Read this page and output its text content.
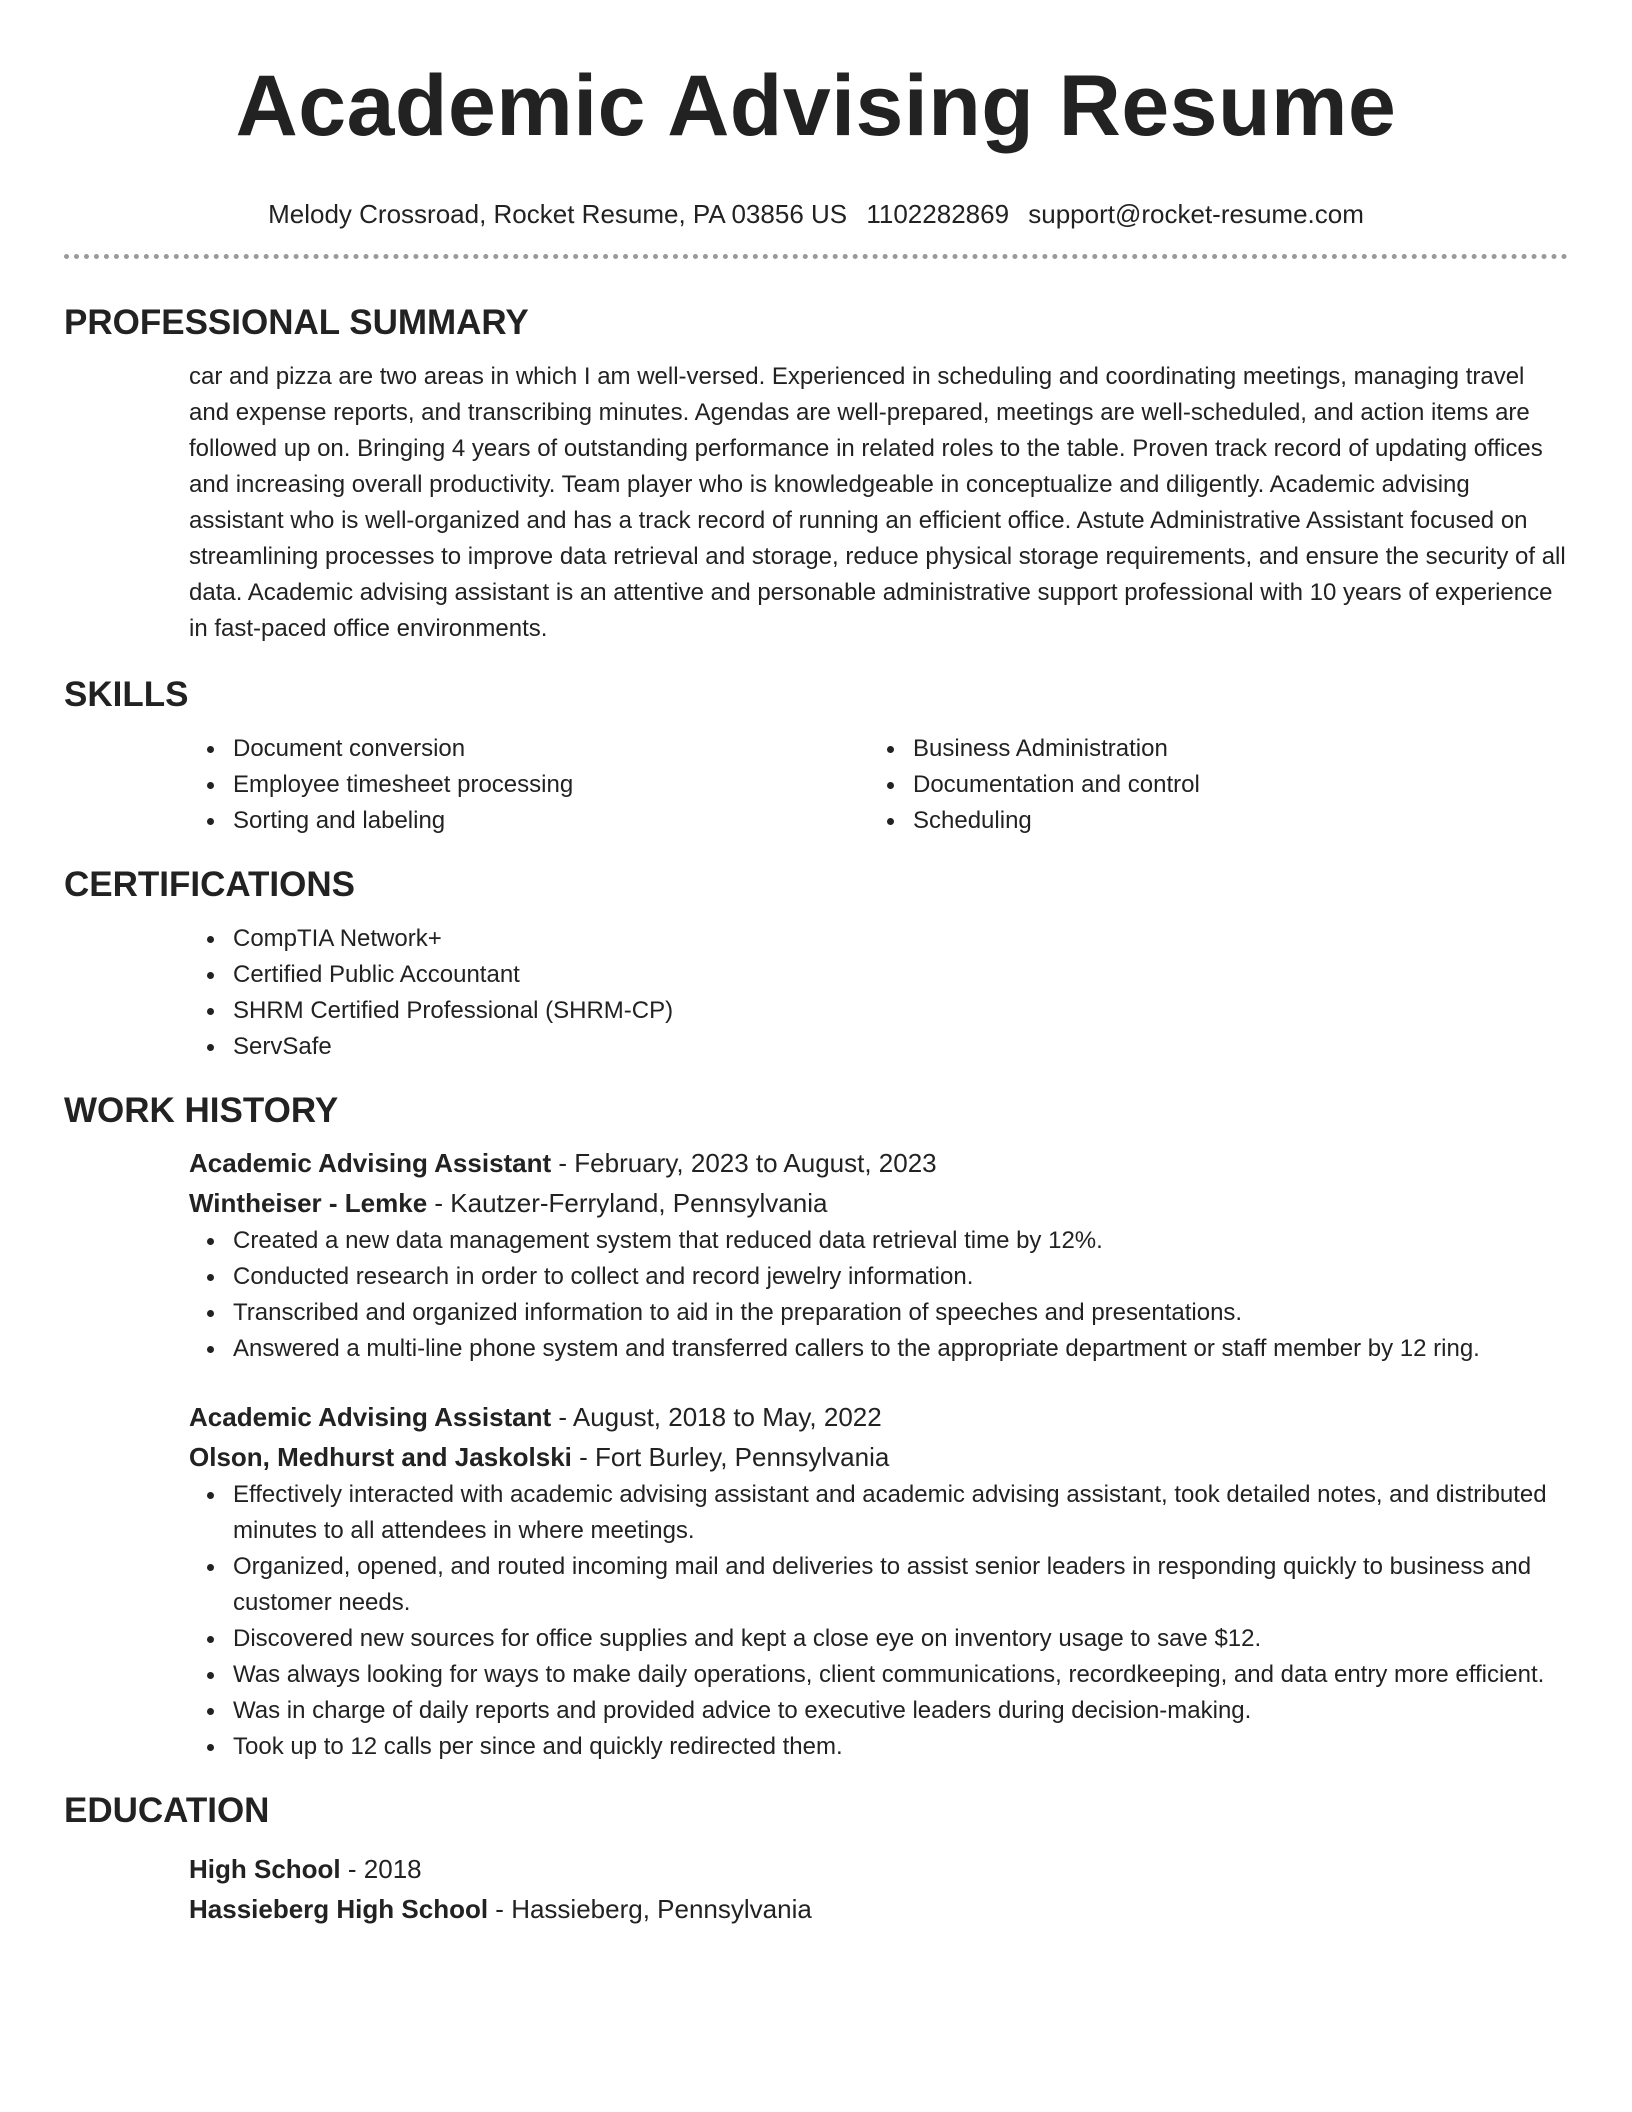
Academic Advising Resume
Melody Crossroad, Rocket Resume, PA 03856 US 1102282869 support@rocket-resume.com
PROFESSIONAL SUMMARY

car and pizza are two areas in which I am well-versed. Experienced in scheduling and coordinating meetings, managing travel and expense reports, and transcribing minutes. Agendas are well-prepared, meetings are well-scheduled, and action items are followed up on. Bringing 4 years of outstanding performance in related roles to the table. Proven track record of updating offices and increasing overall productivity. Team player who is knowledgeable in conceptualize and diligently. Academic advising assistant who is well-organized and has a track record of running an efficient office. Astute Administrative Assistant focused on streamlining processes to improve data retrieval and storage, reduce physical storage requirements, and ensure the security of all data. Academic advising assistant is an attentive and personable administrative support professional with 10 years of experience in fast-paced office environments.

SKILLS
Document conversion
Employee timesheet processing
Sorting and labeling
Business Administration
Documentation and control
Scheduling
CERTIFICATIONS
CompTIA Network+
Certified Public Accountant
SHRM Certified Professional (SHRM-CP)
ServSafe
WORK HISTORY
Academic Advising Assistant - February, 2023 to August, 2023
Wintheiser - Lemke - Kautzer-Ferryland, Pennsylvania
Created a new data management system that reduced data retrieval time by 12%.
Conducted research in order to collect and record jewelry information.
Transcribed and organized information to aid in the preparation of speeches and presentations.
Answered a multi-line phone system and transferred callers to the appropriate department or staff member by 12 ring.
Academic Advising Assistant - August, 2018 to May, 2022
Olson, Medhurst and Jaskolski - Fort Burley, Pennsylvania
Effectively interacted with academic advising assistant and academic advising assistant, took detailed notes, and distributed minutes to all attendees in where meetings.
Organized, opened, and routed incoming mail and deliveries to assist senior leaders in responding quickly to business and customer needs.
Discovered new sources for office supplies and kept a close eye on inventory usage to save $12.
Was always looking for ways to make daily operations, client communications, recordkeeping, and data entry more efficient.
Was in charge of daily reports and provided advice to executive leaders during decision-making.
Took up to 12 calls per since and quickly redirected them.
EDUCATION
High School - 2018
Hassieberg High School - Hassieberg, Pennsylvania
